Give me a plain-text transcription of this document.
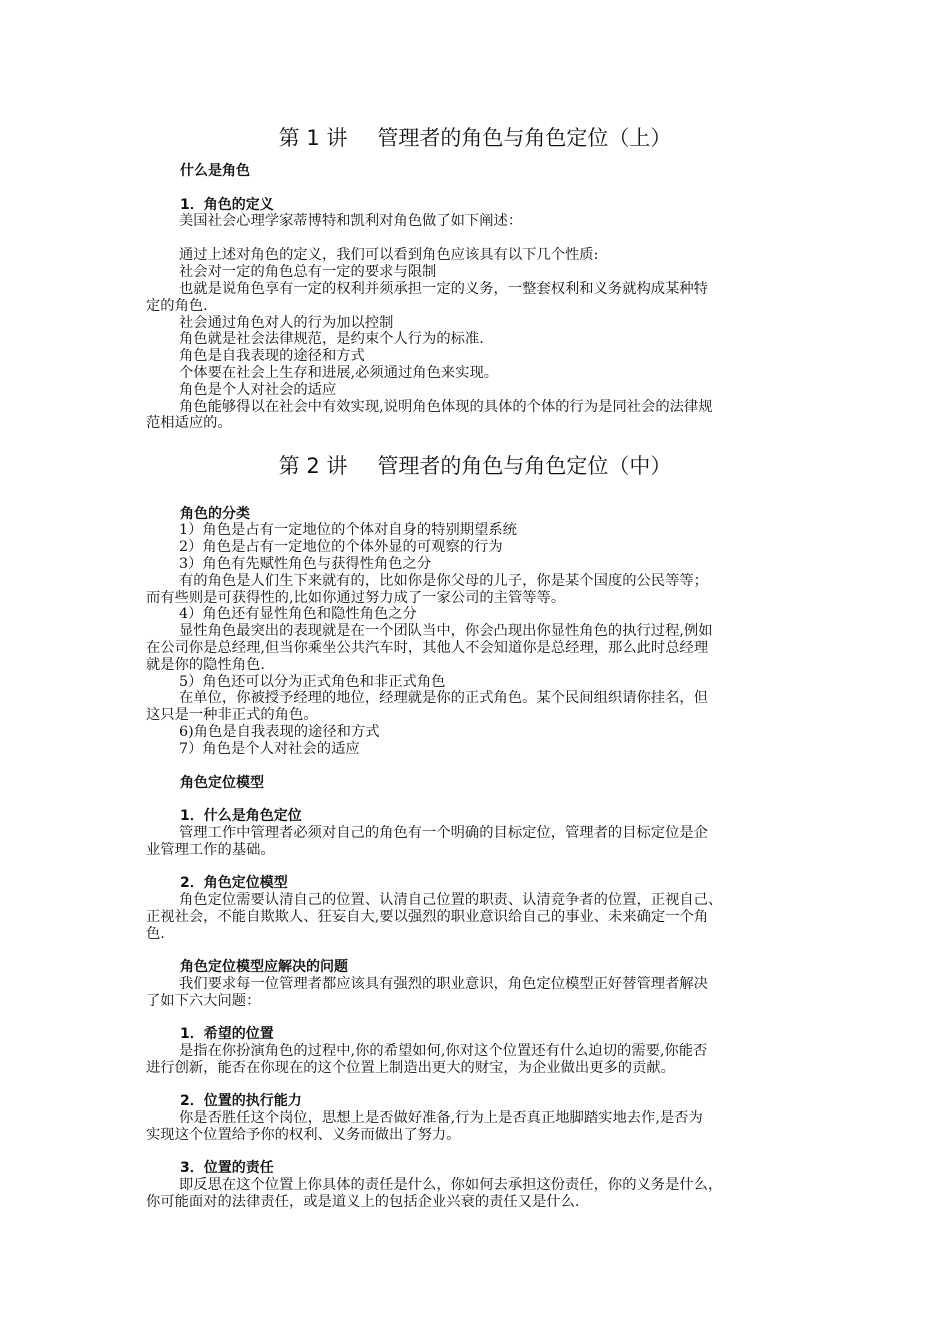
第 1 讲 管理者的角色与角色定位（上）
什么是角色
1．角色的定义
美国社会心理学家蒂博特和凯利对角色做了如下阐述：
通过上述对角色的定义，我们可以看到角色应该具有以下几个性质:
社会对一定的角色总有一定的要求与限制
也就是说角色享有一定的权利并须承担一定的义务，一整套权利和义务就构成某种特
定的角色.
社会通过角色对人的行为加以控制
角色就是社会法律规范，是约束个人行为的标准.
角色是自我表现的途径和方式
个体要在社会上生存和进展,必须通过角色来实现。
角色是个人对社会的适应
角色能够得以在社会中有效实现,说明角色体现的具体的个体的行为是同社会的法律规
范相适应的。
第 2 讲 管理者的角色与角色定位（中）
角色的分类
1）角色是占有一定地位的个体对自身的特别期望系统
2）角色是占有一定地位的个体外显的可观察的行为
3）角色有先赋性角色与获得性角色之分
有的角色是人们生下来就有的，比如你是你父母的儿子，你是某个国度的公民等等；
而有些则是可获得性的,比如你通过努力成了一家公司的主管等等。
4）角色还有显性角色和隐性角色之分
显性角色最突出的表现就是在一个团队当中，你会凸现出你显性角色的执行过程,例如
在公司你是总经理,但当你乘坐公共汽车时，其他人不会知道你是总经理，那么此时总经理
就是你的隐性角色.
5）角色还可以分为正式角色和非正式角色
在单位，你被授予经理的地位，经理就是你的正式角色。某个民间组织请你挂名，但
这只是一种非正式的角色。
6)角色是自我表现的途径和方式
7）角色是个人对社会的适应
角色定位模型
1．什么是角色定位
管理工作中管理者必须对自己的角色有一个明确的目标定位，管理者的目标定位是企
业管理工作的基础。
2．角色定位模型
角色定位需要认清自己的位置、认清自己位置的职责、认清竞争者的位置，正视自己、
正视社会，不能自欺欺人、狂妄自大,要以强烈的职业意识给自己的事业、未来确定一个角
色.
角色定位模型应解决的问题
我们要求每一位管理者都应该具有强烈的职业意识，角色定位模型正好替管理者解决
了如下六大问题：
1．希望的位置
是指在你扮演角色的过程中,你的希望如何,你对这个位置还有什么迫切的需要,你能否
进行创新，能否在你现在的这个位置上制造出更大的财宝，为企业做出更多的贡献。
2．位置的执行能力
你是否胜任这个岗位，思想上是否做好准备,行为上是否真正地脚踏实地去作,是否为
实现这个位置给予你的权利、义务而做出了努力。
3．位置的责任
即反思在这个位置上你具体的责任是什么，你如何去承担这份责任，你的义务是什么，
你可能面对的法律责任，或是道义上的包括企业兴衰的责任又是什么.
